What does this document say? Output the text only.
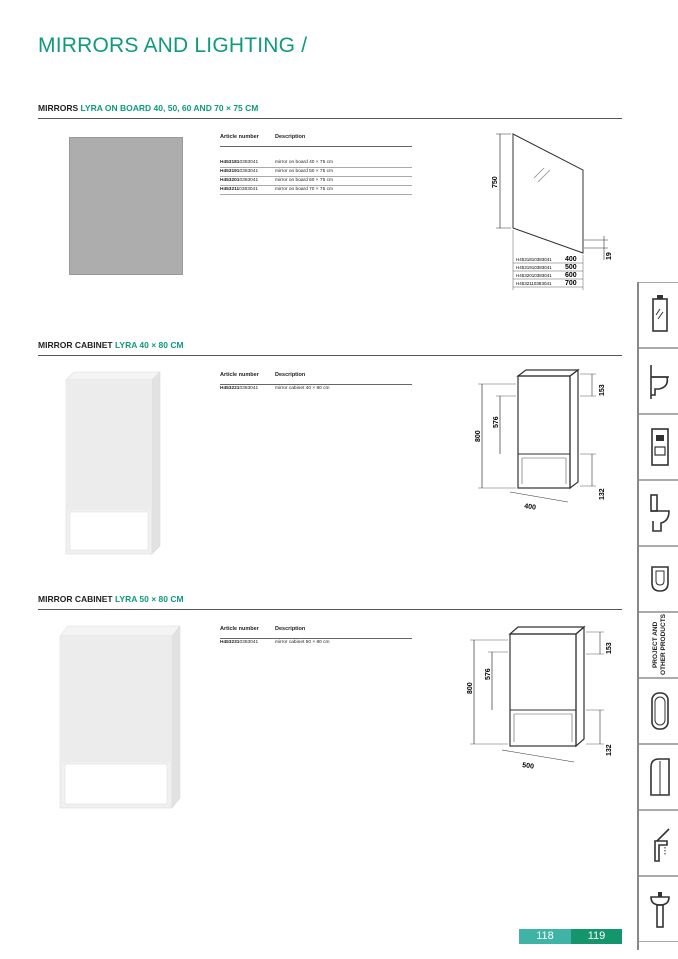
MIRRORS AND LIGHTING /
MIRRORS LYRA ON BOARD 40, 50, 60 AND 70 × 75 CM
Article number	Description
H4531810383041	mirror on board 40 × 75 cm
H4531910383041	mirror on board 50 × 75 cm
H4532010383041	mirror on board 60 × 75 cm
H4532110383041	mirror on board 70 × 75 cm
750
19
H4531810383041 400
H4531910383041 500
H4532010383041 600
H4532110383041 700
MIRROR CABINET LYRA 40 × 80 CM
Article number	Description
H4532210383041	mirror cabinet 40 × 80 cm
800
576
153
132
400
MIRROR CABINET LYRA 50 × 80 CM
Article number	Description
H4532310383041	mirror cabinet 50 × 80 cm
800
576
153
132
500
PROJECT AND
OTHER PRODUCTS
118	119
